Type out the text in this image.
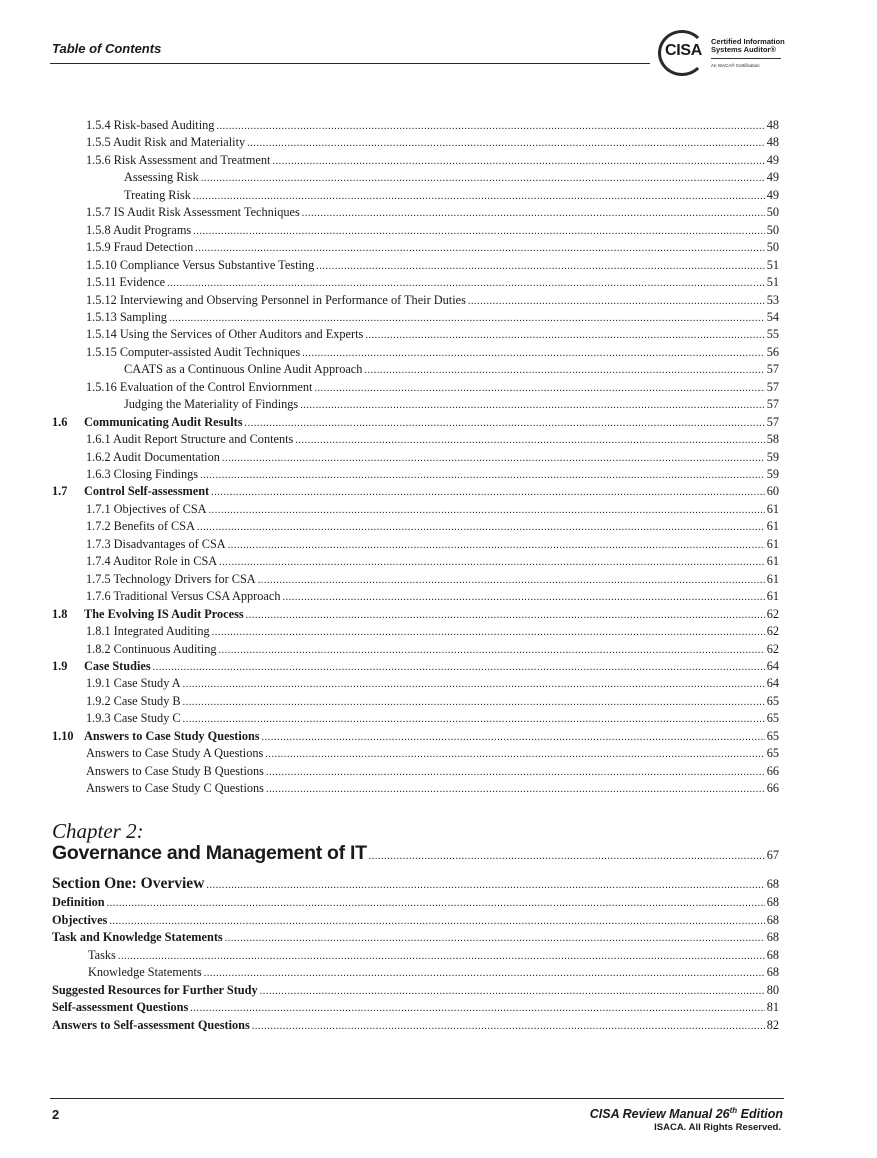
Table of Contents	CISA
Certified Information
Systems Auditor®
An ISACA® Certification
1.5.4 Risk-based Auditing .....	48
1.5.5 Audit Risk and Materiality .....	48
1.5.6 Risk Assessment and Treatment .....	49
Assessing Risk .....	49
Treating Risk .....	49
1.5.7 IS Audit Risk Assessment Techniques .....	50
1.5.8 Audit Programs .....	50
1.5.9 Fraud Detection .....	50
1.5.10 Compliance Versus Substantive Testing .....	51
1.5.11 Evidence .....	51
1.5.12 Interviewing and Observing Personnel in Performance of Their Duties .....	53
1.5.13 Sampling .....	54
1.5.14 Using the Services of Other Auditors and Experts .....	55
1.5.15 Computer-assisted Audit Techniques .....	56
CAATS as a Continuous Online Audit Approach .....	57
1.5.16 Evaluation of the Control Enviornment .....	57
Judging the Materiality of Findings .....	57
1.6 Communicating Audit Results .....	57
1.6.1 Audit Report Structure and Contents .....	58
1.6.2 Audit Documentation .....	59
1.6.3 Closing Findings .....	59
1.7 Control Self-assessment .....	60
1.7.1 Objectives of CSA .....	61
1.7.2 Benefits of CSA .....	61
1.7.3 Disadvantages of CSA .....	61
1.7.4 Auditor Role in CSA .....	61
1.7.5 Technology Drivers for CSA .....	61
1.7.6 Traditional Versus CSA Approach .....	61
1.8 The Evolving IS Audit Process .....	62
1.8.1 Integrated Auditing .....	62
1.8.2 Continuous Auditing .....	62
1.9 Case Studies .....	64
1.9.1 Case Study A .....	64
1.9.2 Case Study B .....	65
1.9.3 Case Study C .....	65
1.10 Answers to Case Study Questions .....	65
Answers to Case Study A Questions .....	65
Answers to Case Study B Questions .....	66
Answers to Case Study C Questions .....	66
Chapter 2:
Governance and Management of IT .....	67
Section One: Overview .....	68
Definition .....	68
Objectives .....	68
Task and Knowledge Statements .....	68
Tasks .....	68
Knowledge Statements .....	68
Suggested Resources for Further Study .....	80
Self-assessment Questions .....	81
Answers to Self-assessment Questions .....	82
2	CISA Review Manual 26th Edition
ISACA. All Rights Reserved.
